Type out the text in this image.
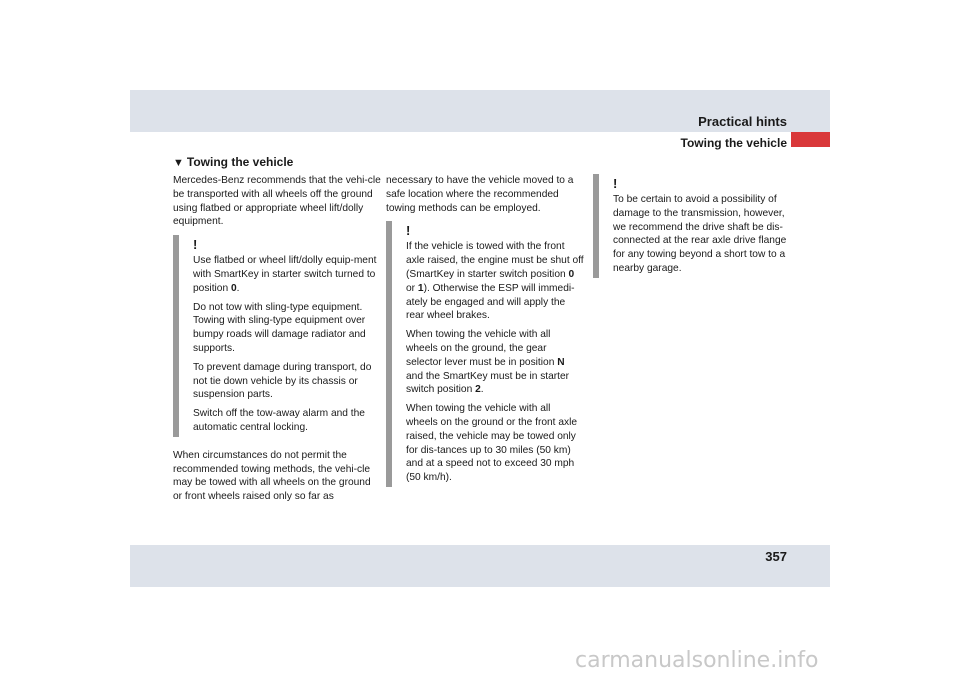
Practical hints
Towing the vehicle
▼ Towing the vehicle

Mercedes-Benz recommends that the vehi-cle be transported with all wheels off the ground using flatbed or appropriate wheel lift/dolly equipment.

!

Use flatbed or wheel lift/dolly equip-ment with SmartKey in starter switch turned to position 0.

Do not tow with sling-type equipment. Towing with sling-type equipment over bumpy roads will damage radiator and supports.

To prevent damage during transport, do not tie down vehicle by its chassis or suspension parts.

Switch off the tow-away alarm and the automatic central locking.

When circumstances do not permit the recommended towing methods, the vehi-cle may be towed with all wheels on the ground or front wheels raised only so far as

necessary to have the vehicle moved to a safe location where the recommended towing methods can be employed.

!

If the vehicle is towed with the front axle raised, the engine must be shut off (SmartKey in starter switch position 0 or 1). Otherwise the ESP will immedi-ately be engaged and will apply the rear wheel brakes.

When towing the vehicle with all wheels on the ground, the gear selector lever must be in position N and the SmartKey must be in starter switch position 2.

When towing the vehicle with all wheels on the ground or the front axle raised, the vehicle may be towed only for dis-tances up to 30 miles (50 km) and at a speed not to exceed 30 mph (50 km/h).

!

To be certain to avoid a possibility of damage to the transmission, however, we recommend the drive shaft be dis-connected at the rear axle drive flange for any towing beyond a short tow to a nearby garage.

357
carmanualsonline.info
